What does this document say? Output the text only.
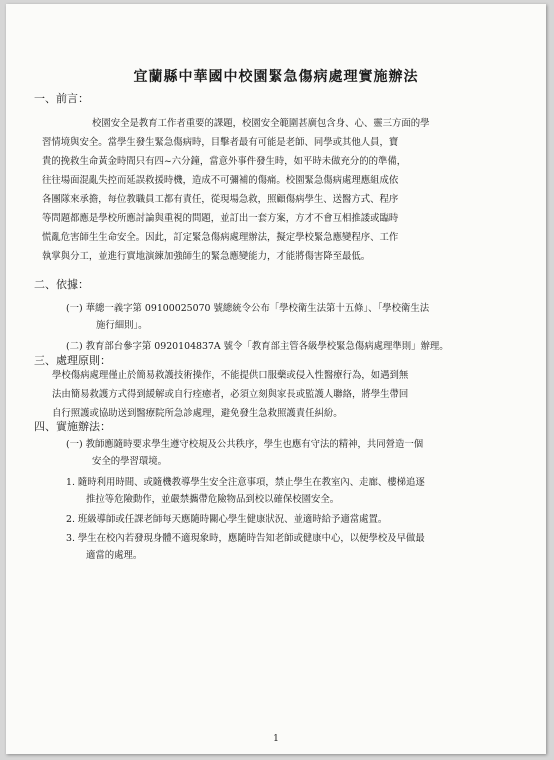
宜蘭縣中華國中校園緊急傷病處理實施辦法
一、前言：
校園安全是教育工作者重要的課題，校園安全範圍甚廣包含身、心、靈三方面的學
習情境與安全。當學生發生緊急傷病時，目擊者最有可能是老師、同學或其他人員，寶
貴的挽救生命黃金時間只有四~六分鐘，當意外事件發生時，如平時未做充分的的準備，
往往場面混亂失控而延誤救援時機，造成不可彌補的傷痛。校園緊急傷病處理應組成依
各團隊來承擔，每位教職員工都有責任，從現場急救，照顧傷病學生、送醫方式、程序
等問題都應是學校所應討論與重視的問題，並訂出一套方案，方才不會互相推諉或臨時
慌亂危害師生生命安全。因此，訂定緊急傷病處理辦法，擬定學校緊急應變程序、工作
執掌與分工，並進行實地演練加強師生的緊急應變能力，才能將傷害降至最低。
二、依據：
(一) 華總一義字第 09100025070 號總統令公布「學校衛生法第十五條」、「學校衛生法
施行細則」。
(二) 教育部台參字第 0920104837A 號令「教育部主管各級學校緊急傷病處理準則」辦理。
三、處理原則：
學校傷病處理僅止於簡易救護技術操作，不能提供口服藥或侵入性醫療行為，如遇到無
法由簡易救護方式得到緩解或自行痊癒者，必須立刻與家長或監護人聯絡，將學生帶回
自行照護或協助送到醫療院所急診處理，避免發生急救照護責任糾紛。
四、實施辦法：
(一) 教師應隨時要求學生遵守校規及公共秩序，學生也應有守法的精神，共同營造一個
安全的學習環境。
1. 隨時利用時間、或隨機教導學生安全注意事項，禁止學生在教室內、走廊、樓梯追逐
推拉等危險動作，並嚴禁攜帶危險物品到校以確保校園安全。
2. 班級導師或任課老師每天應隨時關心學生健康狀況、並適時給予適當處置。
3. 學生在校內若發現身體不適現象時，應隨時告知老師或健康中心，以便學校及早做最
適當的處理。
1
